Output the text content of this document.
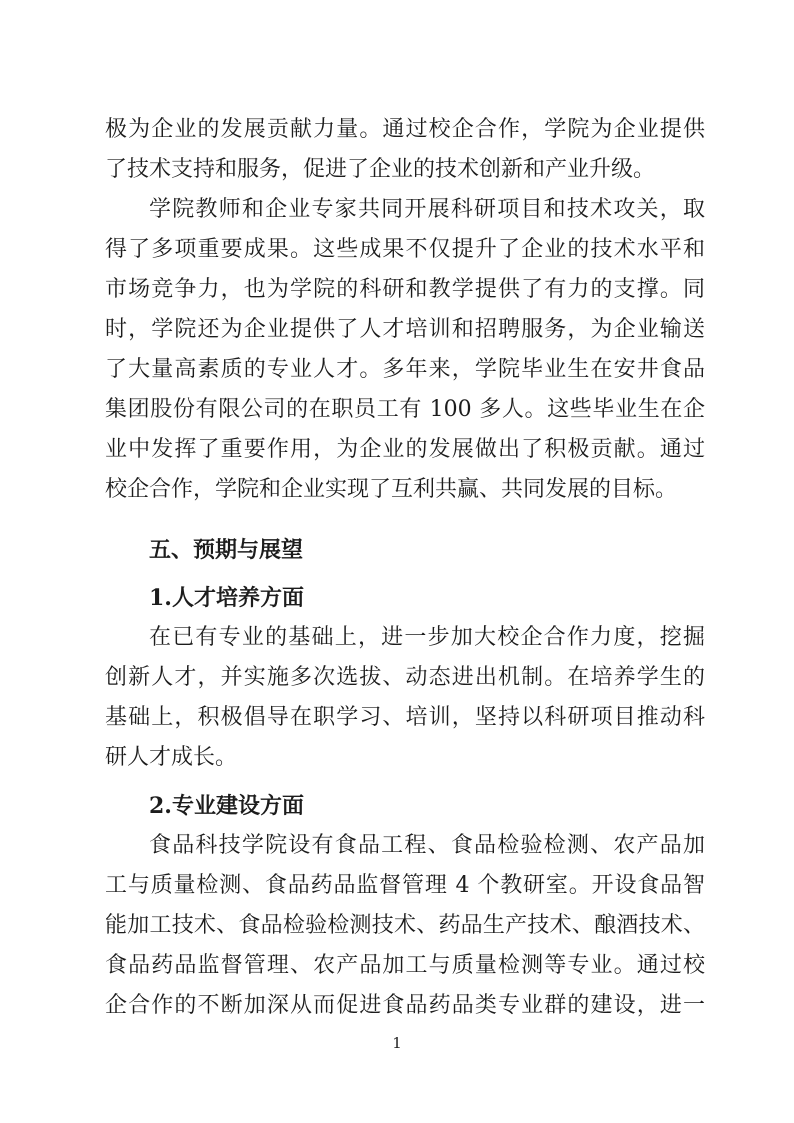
极为企业的发展贡献力量。通过校企合作，学院为企业提供
了技术支持和服务，促进了企业的技术创新和产业升级。
学院教师和企业专家共同开展科研项目和技术攻关，取
得了多项重要成果。这些成果不仅提升了企业的技术水平和
市场竞争力，也为学院的科研和教学提供了有力的支撑。同
时，学院还为企业提供了人才培训和招聘服务，为企业输送
了大量高素质的专业人才。多年来，学院毕业生在安井食品
集团股份有限公司的在职员工有 100 多人。这些毕业生在企
业中发挥了重要作用，为企业的发展做出了积极贡献。通过
校企合作，学院和企业实现了互利共赢、共同发展的目标。
五、预期与展望
1.人才培养方面
在已有专业的基础上，进一步加大校企合作力度，挖掘
创新人才，并实施多次选拔、动态进出机制。在培养学生的
基础上，积极倡导在职学习、培训，坚持以科研项目推动科
研人才成长。
2.专业建设方面
食品科技学院设有食品工程、食品检验检测、农产品加
工与质量检测、食品药品监督管理 4 个教研室。开设食品智
能加工技术、食品检验检测技术、药品生产技术、酿酒技术、
食品药品监督管理、农产品加工与质量检测等专业。通过校
企合作的不断加深从而促进食品药品类专业群的建设，进一
1
